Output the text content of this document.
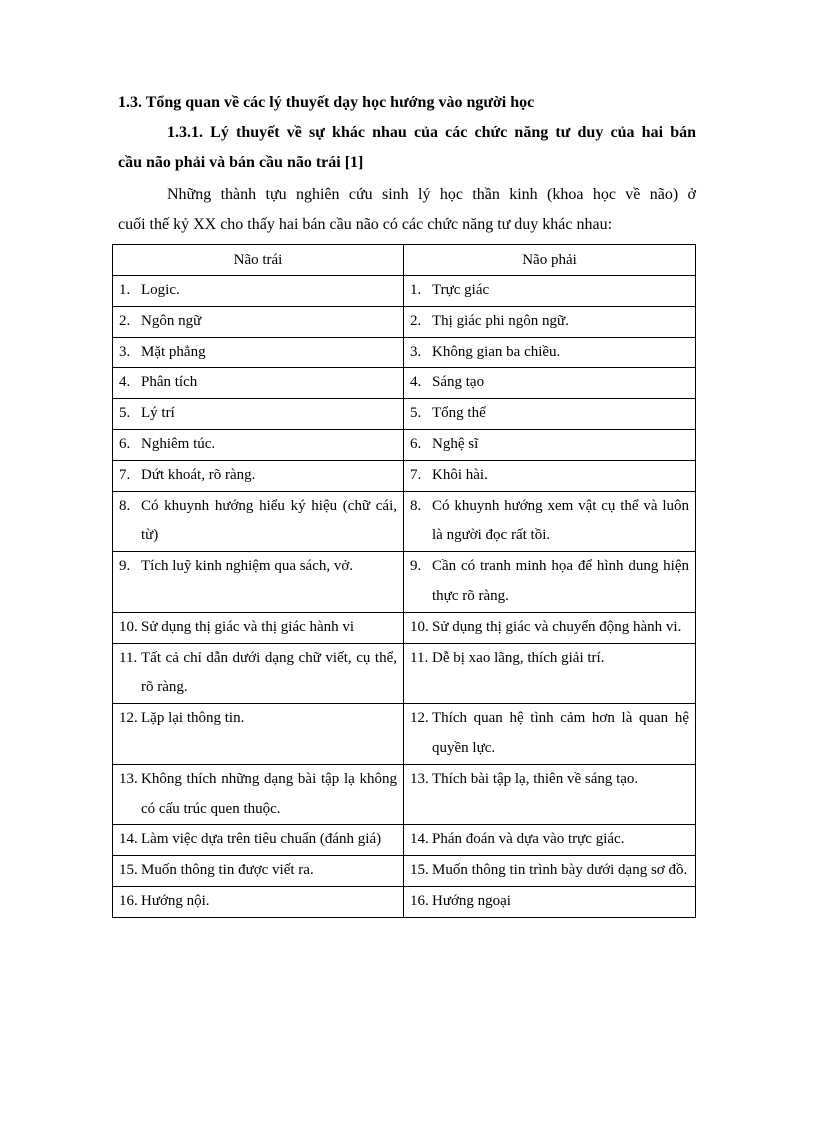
1.3. Tổng quan về các lý thuyết dạy học hướng vào người học

1.3.1. Lý thuyết về sự khác nhau của các chức năng tư duy của hai bán

cầu não phải và bán cầu não trái [1]

Những thành tựu nghiên cứu sinh lý học thần kinh (khoa học về não) ở

cuối thế kỷ XX cho thấy hai bán cầu não có các chức năng tư duy khác nhau:

Não trái	Não phải

1. Logic.	1. Trực giác

2. Ngôn ngữ	2. Thị giác phi ngôn ngữ.

3. Mặt phẳng	3. Không gian ba chiều.

4. Phân tích	4. Sáng tạo

5. Lý trí	5. Tổng thể

6. Nghiêm túc.	6. Nghệ sĩ

7. Dứt khoát, rõ ràng.	7. Khôi hài.

8. Có khuynh hướng hiểu ký hiệu (chữ cái, từ)	8. Có khuynh hướng xem vật cụ thể và luôn là người đọc rất tồi.

9. Tích luỹ kinh nghiệm qua sách, vở.	9. Cần có tranh minh họa để hình dung hiện thực rõ ràng.

10. Sử dụng thị giác và thị giác hành vi	10. Sử dụng thị giác và chuyển động hành vi.

11. Tất cả chỉ dẫn dưới dạng chữ viết, cụ thể, rõ ràng.	11. Dễ bị xao lãng, thích giải trí.

12. Lặp lại thông tin.	12. Thích quan hệ tình cảm hơn là quan hệ quyền lực.

13. Không thích những dạng bài tập lạ không có cấu trúc quen thuộc.	13. Thích bài tập lạ, thiên về sáng tạo.

14. Làm việc dựa trên tiêu chuẩn (đánh giá)	14. Phán đoán và dựa vào trực giác.

15. Muốn thông tin được viết ra.	15. Muốn thông tin trình bày dưới dạng sơ đồ.

16. Hướng nội.	16. Hướng ngoại
